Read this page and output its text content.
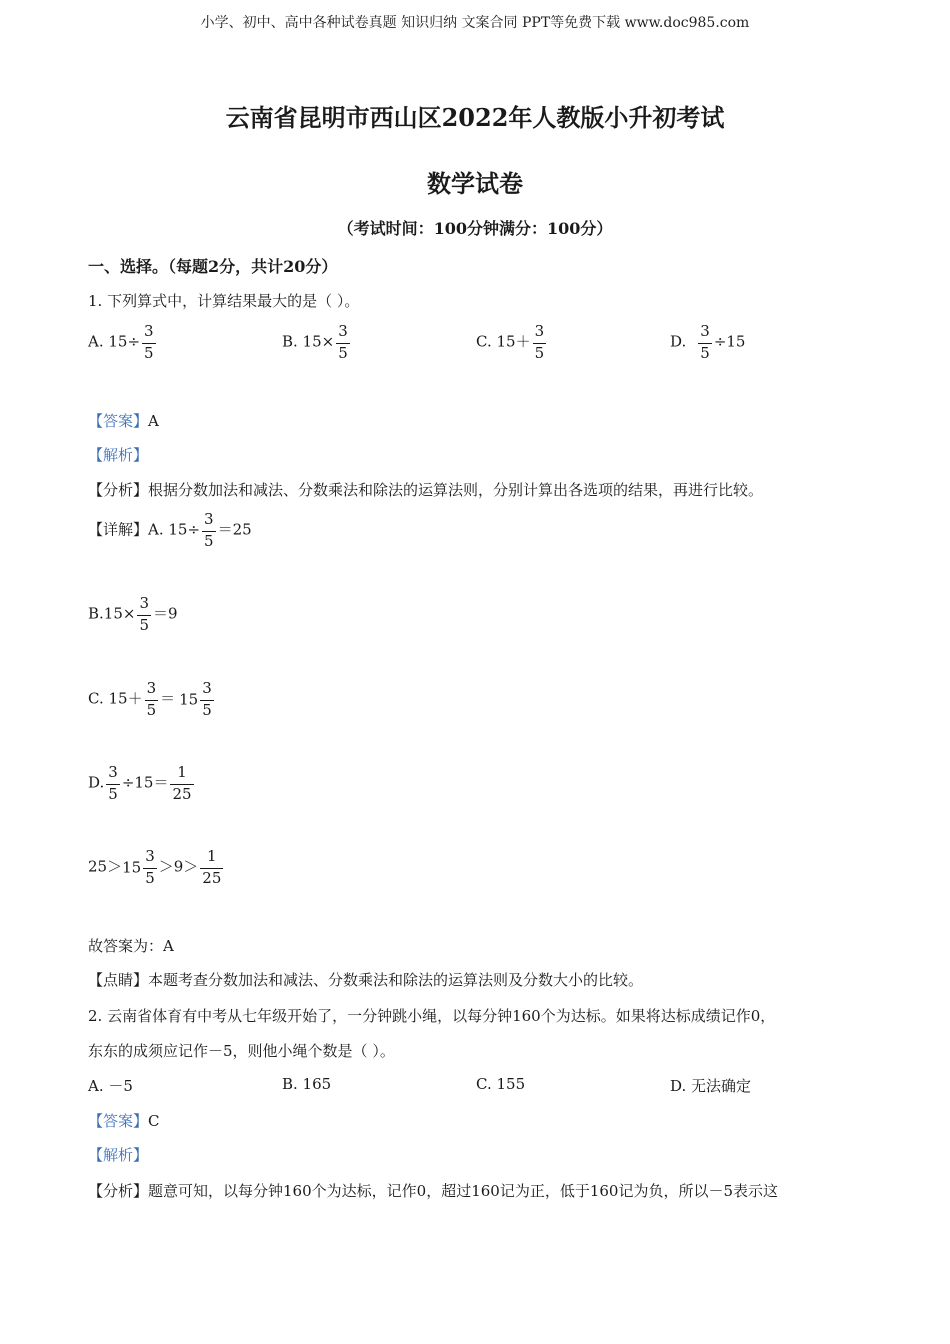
小学、初中、高中各种试卷真题 知识归纳 文案合同 PPT等免费下载 www.doc985.com
云南省昆明市西山区2022年人教版小升初考试
数学试卷
（考试时间：100分钟满分：100分）
一、选择。（每题2分，共计20分）
1. 下列算式中，计算结果最大的是（ ）。
A. $15\div \frac{3}{5}$	B. $15\times \frac{3}{5}$	C. $15+ \frac{3}{5}$	D. $\frac{3}{5} \div 15$
【答案】A
【解析】
【分析】根据分数加法和减法、分数乘法和除法的运算法则，分别计算出各选项的结果，再进行比较。
【详解】A. $15\div \frac{3}{5} =25$
$B.15\times \frac{3}{5} =9$
C. $15+ \frac{3}{5} = 15 \frac{3}{5}$
D. $\frac{3}{5} \div 15= \frac{1}{25}$
$25>15 \frac{3}{5} >9> \frac{1}{25}$
故答案为：A
【点睛】本题考查分数加法和减法、分数乘法和除法的运算法则及分数大小的比较。
2. 云南省体育有中考从七年级开始了，一分钟跳小绳，以每分钟160个为达标。如果将达标成绩记作0，
东东的成须应记作－5，则他小绳个数是（ ）。
A. －5	B. 165	C. 155	D. 无法确定
【答案】C
【解析】
【分析】题意可知，以每分钟160个为达标，记作0，超过160记为正，低于160记为负，所以－5表示这
